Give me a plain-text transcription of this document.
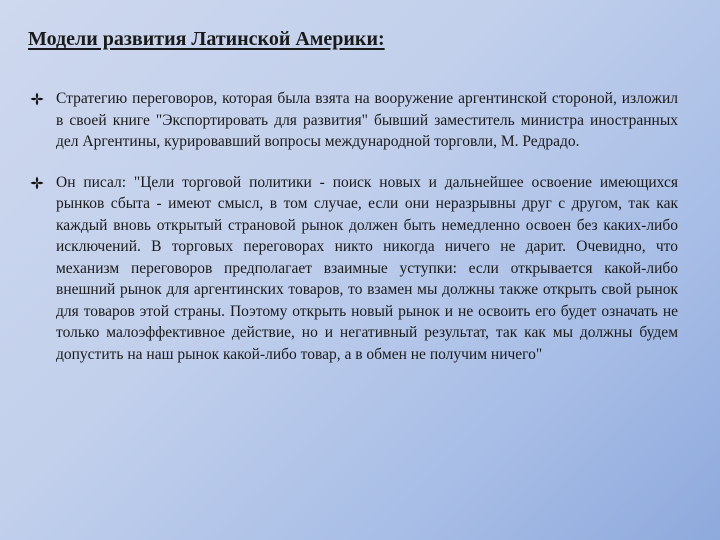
Модели развития Латинской Америки:
Стратегию переговоров, которая была взята на вооружение аргентинской стороной, изложил в своей книге "Экспортировать для развития" бывший заместитель министра иностранных дел Аргентины, курировавший вопросы международной торговли, М. Редрадо.
Он писал: "Цели торговой политики - поиск новых и дальнейшее освоение имеющихся рынков сбыта - имеют смысл, в том случае, если они неразрывны друг с другом, так как каждый вновь открытый страновой рынок должен быть немедленно освоен без каких-либо исключений. В торговых переговорах никто никогда ничего не дарит. Очевидно, что механизм переговоров предполагает взаимные уступки: если открывается какой-либо внешний рынок для аргентинских товаров, то взамен мы должны также открыть свой рынок для товаров этой страны. Поэтому открыть новый рынок и не освоить его будет означать не только малоэффективное действие, но и негативный результат, так как мы должны будем допустить на наш рынок какой-либо товар, а в обмен не получим ничего"
